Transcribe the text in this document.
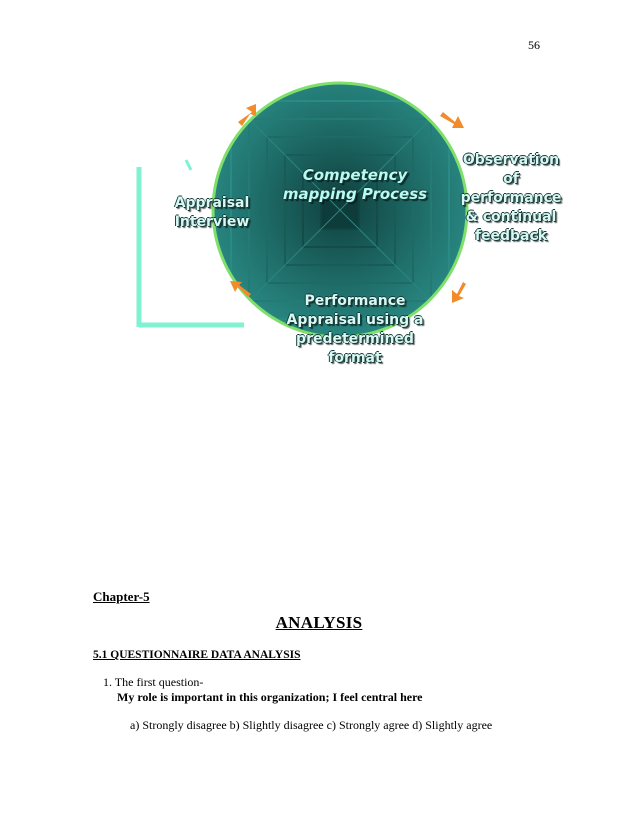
56
Competency
mapping Process
Appraisal
Interview
Observation
of
performance
& continual
feedback
Performance
Appraisal using a
predetermined
format
Chapter-5
ANALYSIS
5.1 QUESTIONNAIRE DATA ANALYSIS
1. The first question-
My role is important in this organization; I feel central here
a) Strongly disagree b) Slightly disagree c) Strongly agree d) Slightly agree
